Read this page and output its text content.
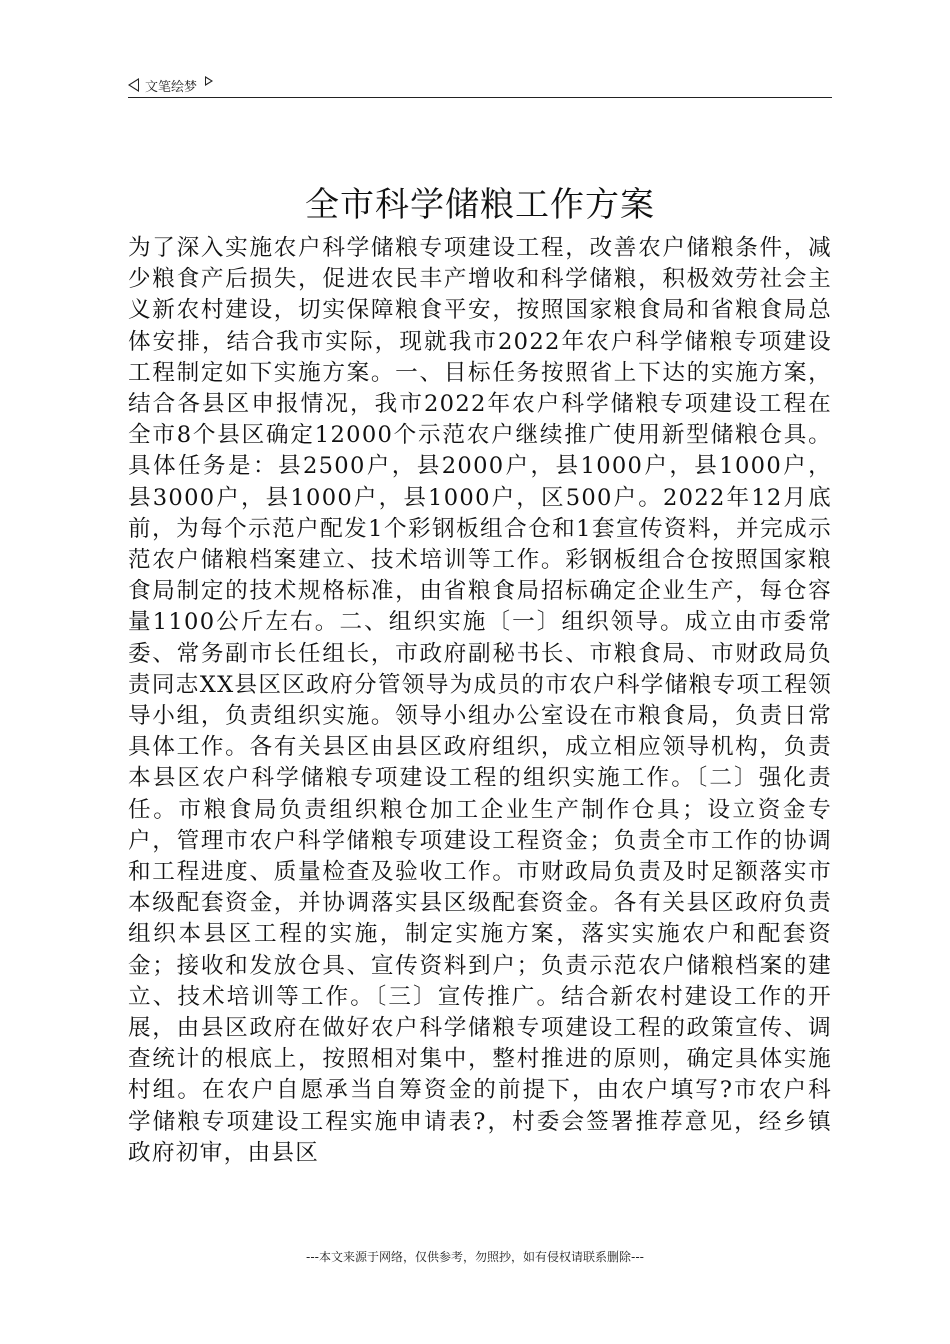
文笔绘梦
全市科学储粮工作方案

为了深入实施农户科学储粮专项建设工程，改善农户储粮条件，减少粮食产后损失，促进农民丰产增收和科学储粮，积极效劳社会主义新农村建设，切实保障粮食平安，按照国家粮食局和省粮食局总体安排，结合我市实际，现就我市2022年农户科学储粮专项建设工程制定如下实施方案。一、目标任务按照省上下达的实施方案，结合各县区申报情况，我市2022年农户科学储粮专项建设工程在全市8个县区确定12000个示范农户继续推广使用新型储粮仓具。具体任务是：县2500户，县2000户，县1000户，县1000户，县3000户，县1000户，县1000户，区500户。2022年12月底前，为每个示范户配发1个彩钢板组合仓和1套宣传资料，并完成示范农户储粮档案建立、技术培训等工作。彩钢板组合仓按照国家粮食局制定的技术规格标准，由省粮食局招标确定企业生产，每仓容量1100公斤左右。二、组织实施〔一〕组织领导。成立由市委常委、常务副市长任组长，市政府副秘书长、市粮食局、市财政局负责同志XX县区区政府分管领导为成员的市农户科学储粮专项工程领导小组，负责组织实施。领导小组办公室设在市粮食局，负责日常具体工作。各有关县区由县区政府组织，成立相应领导机构，负责本县区农户科学储粮专项建设工程的组织实施工作。〔二〕强化责任。市粮食局负责组织粮仓加工企业生产制作仓具；设立资金专户，管理市农户科学储粮专项建设工程资金；负责全市工作的协调和工程进度、质量检查及验收工作。市财政局负责及时足额落实市本级配套资金，并协调落实县区级配套资金。各有关县区政府负责组织本县区工程的实施，制定实施方案，落实实施农户和配套资金；接收和发放仓具、宣传资料到户；负责示范农户储粮档案的建立、技术培训等工作。〔三〕宣传推广。结合新农村建设工作的开展，由县区政府在做好农户科学储粮专项建设工程的政策宣传、调查统计的根底上，按照相对集中，整村推进的原则，确定具体实施村组。在农户自愿承当自筹资金的前提下，由农户填写?市农户科学储粮专项建设工程实施申请表?，村委会签署推荐意见，经乡镇政府初审，由县区

---本文来源于网络，仅供参考，勿照抄，如有侵权请联系删除---
